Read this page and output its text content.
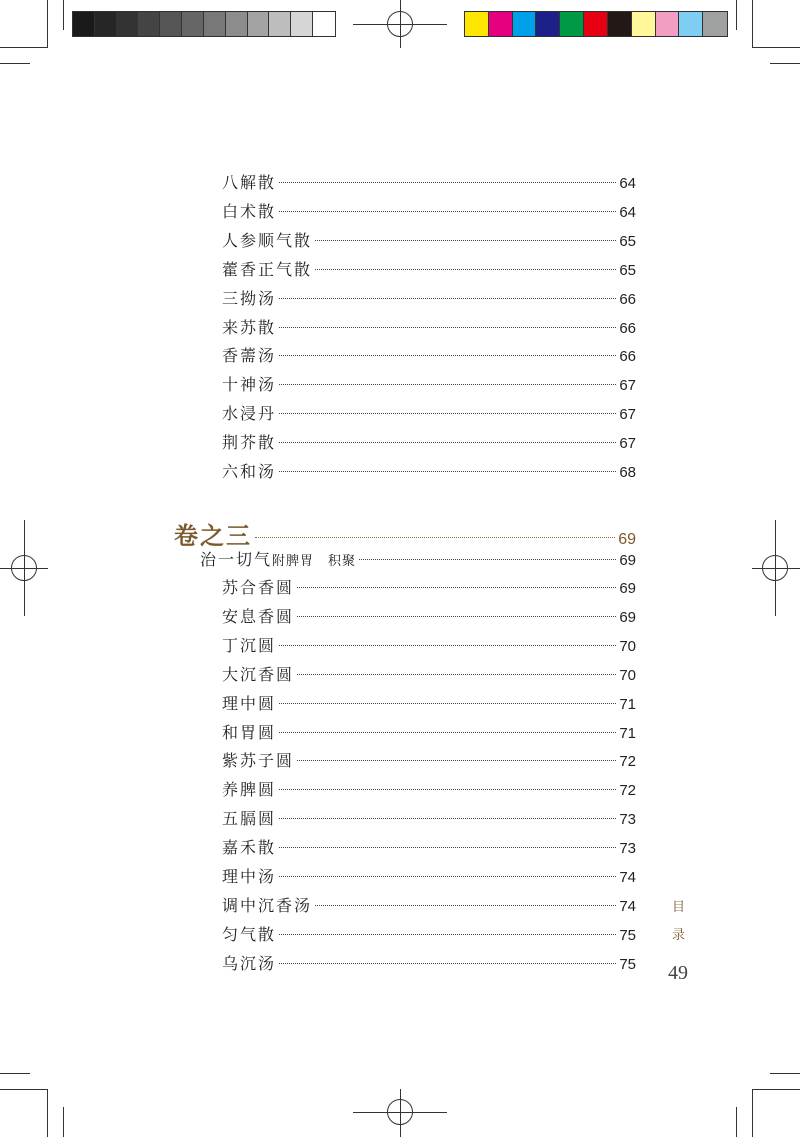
八解散	64
白术散	64
人参顺气散	65
藿香正气散	65
三拗汤	66
来苏散	66
香薷汤	66
十神汤	67
水浸丹	67
荆芥散	67
六和汤	68
卷之三	69
治一切气 附脾胃　积聚	69
苏合香圆	69
安息香圆	69
丁沉圆	70
大沉香圆	70
理中圆	71
和胃圆	71
紫苏子圆	72
养脾圆	72
五膈圆	73
嘉禾散	73
理中汤	74
调中沉香汤	74
匀气散	75
乌沉汤	75
目
录
49
